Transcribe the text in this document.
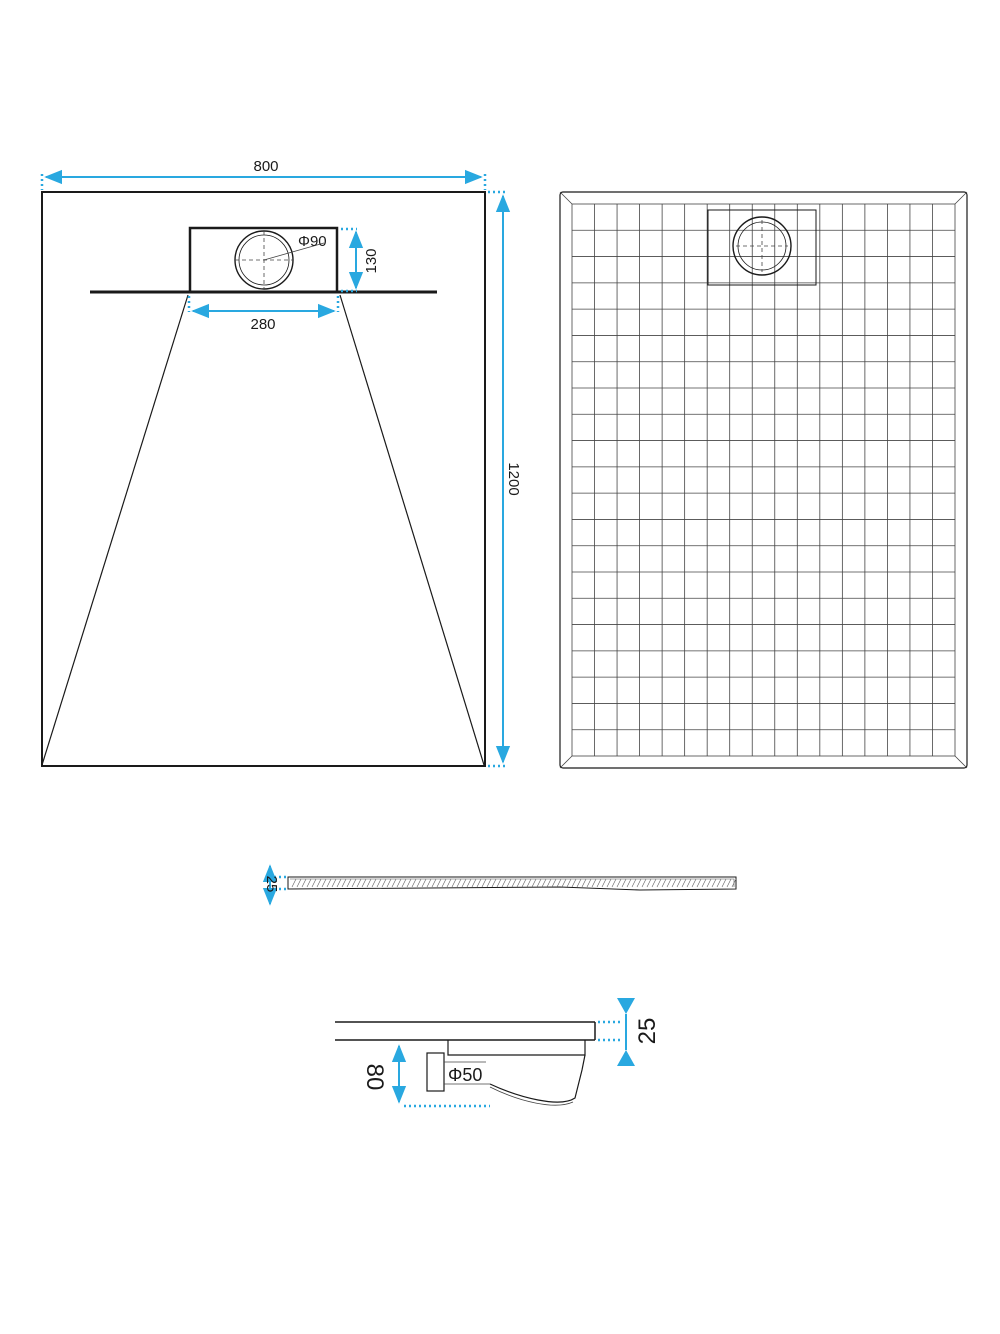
Φ90
800
1200
130
280
25
Φ50
80
25
